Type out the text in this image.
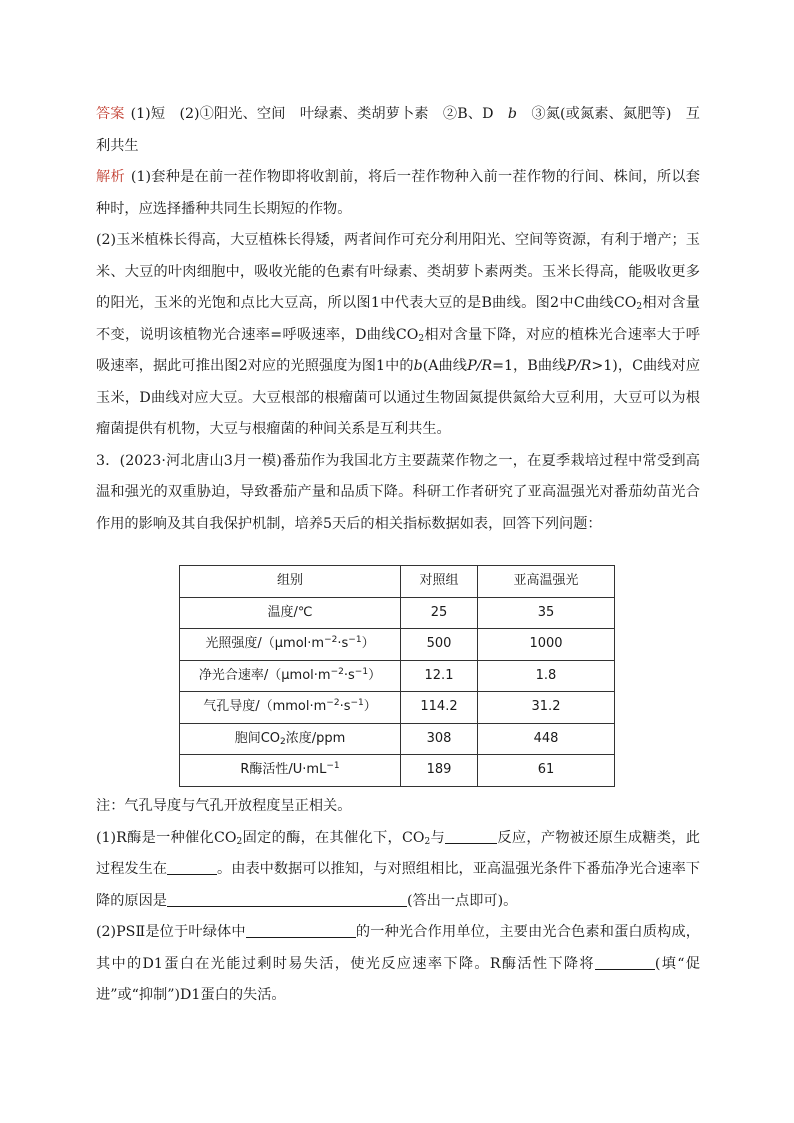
答案 (1)短　(2)①阳光、空间　叶绿素、类胡萝卜素　②B、D　b　③氮(或氮素、氮肥等)　互利共生

解析 (1)套种是在前一茬作物即将收割前，将后一茬作物种入前一茬作物的行间、株间，所以套种时，应选择播种共同生长期短的作物。

(2)玉米植株长得高，大豆植株长得矮，两者间作可充分利用阳光、空间等资源，有利于增产；玉米、大豆的叶肉细胞中，吸收光能的色素有叶绿素、类胡萝卜素两类。玉米长得高，能吸收更多的阳光，玉米的光饱和点比大豆高，所以图1中代表大豆的是B曲线。图2中C曲线$CO_2$相对含量不变，说明该植物光合速率=呼吸速率，D曲线$CO_2$相对含量下降，对应的植株光合速率大于呼吸速率，据此可推出图2对应的光照强度为图1中的b(A曲线P/R=1，B曲线P/R>1)，C曲线对应玉米，D曲线对应大豆。大豆根部的根瘤菌可以通过生物固氮提供氮给大豆利用，大豆可以为根瘤菌提供有机物，大豆与根瘤菌的种间关系是互利共生。

3．(2023·河北唐山3月一模)番茄作为我国北方主要蔬菜作物之一，在夏季栽培过程中常受到高温和强光的双重胁迫，导致番茄产量和品质下降。科研工作者研究了亚高温强光对番茄幼苗光合作用的影响及其自我保护机制，培养5天后的相关指标数据如表，回答下列问题：

组别	对照组	亚高温强光
温度/℃	25	35
光照强度$/(\mu mol\cdot m^{-2}\cdot s^{-1})$	500	1000
净光合速率$/(\mu mol\cdot m^{-2}\cdot s^{-1})$	12.1	1.8
气孔导度$/(mmol\cdot m^{-2}\cdot s^{-1})$	114.2	31.2
胞间$CO_2$浓度/ppm	308	448
R酶活性$/U\cdot mL^{-1}$	189	61

注：气孔导度与气孔开放程度呈正相关。

(1)R酶是一种催化$CO_2$固定的酶，在其催化下，$CO_2$与	反应，产物被还原生成糖类，此过程发生在	。由表中数据可以推知，与对照组相比，亚高温强光条件下番茄净光合速率下降的原因是	(答出一点即可)。

(2)PSⅡ是位于叶绿体中	的一种光合作用单位，主要由光合色素和蛋白质构成，其中的D1蛋白在光能过剩时易失活，使光反应速率下降。R酶活性下降将	(填“促进”或“抑制”)D1蛋白的失活。
